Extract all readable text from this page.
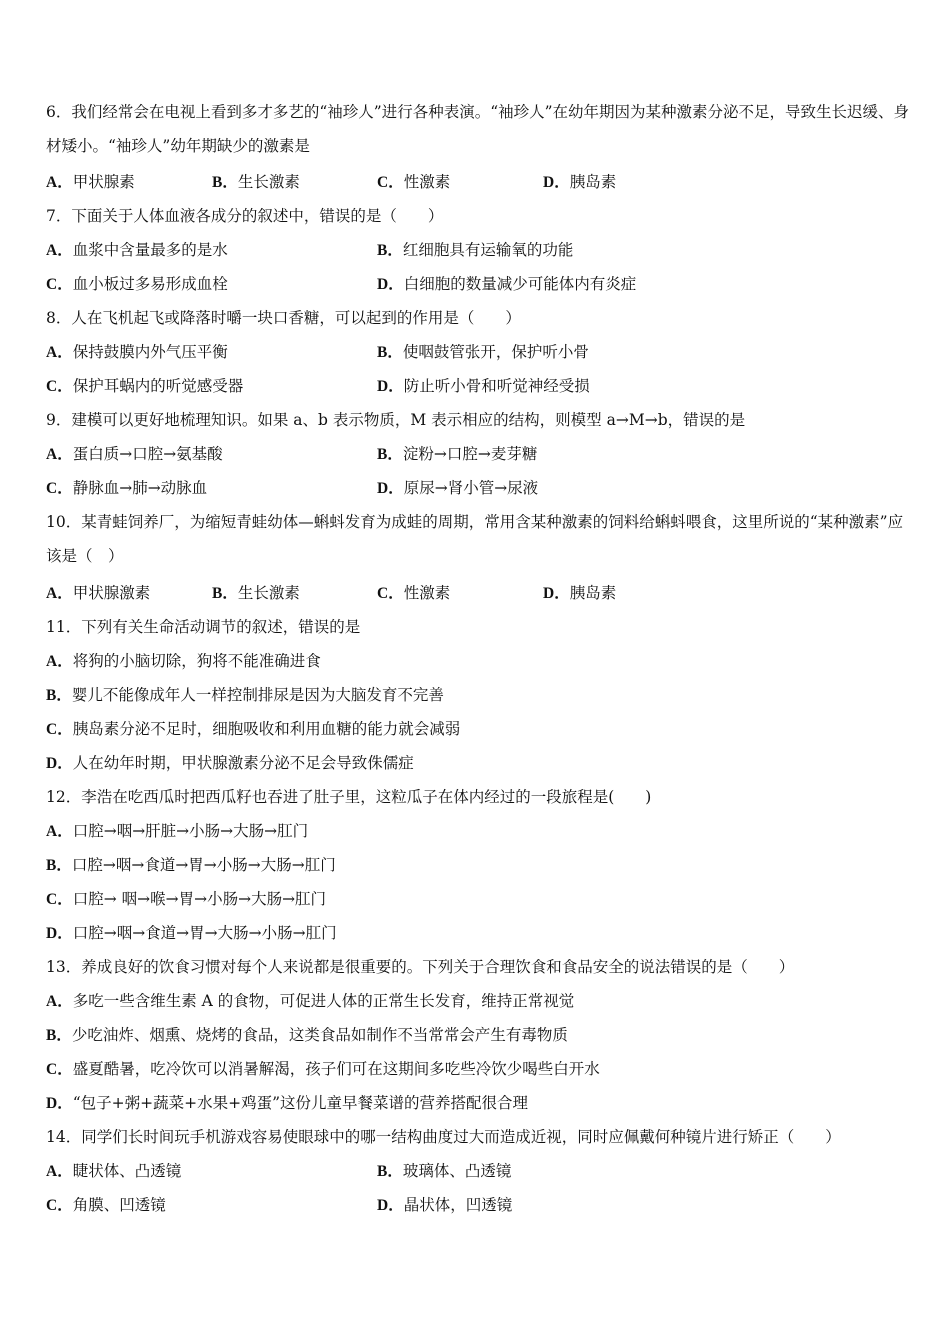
6．我们经常会在电视上看到多才多艺的“袖珍人”进行各种表演。“袖珍人”在幼年期因为某种激素分泌不足，导致生长迟缓、身材矮小。“袖珍人”幼年期缺少的激素是
A．甲状腺素	B．生长激素	C．性激素	D．胰岛素
7．下面关于人体血液各成分的叙述中，错误的是（　　）
A．血浆中含量最多的是水	B．红细胞具有运输氧的功能
C．血小板过多易形成血栓	D．白细胞的数量减少可能体内有炎症
8．人在飞机起飞或降落时嚼一块口香糖，可以起到的作用是（　　）
A．保持鼓膜内外气压平衡	B．使咽鼓管张开，保护听小骨
C．保护耳蜗内的听觉感受器	D．防止听小骨和听觉神经受损
9．建模可以更好地梳理知识。如果 a、b 表示物质，M 表示相应的结构，则模型 a→M→b，错误的是
A．蛋白质→口腔→氨基酸	B．淀粉→口腔→麦芽糖
C．静脉血→肺→动脉血	D．原尿→肾小管→尿液
10．某青蛙饲养厂，为缩短青蛙幼体—蝌蚪发育为成蛙的周期，常用含某种激素的饲料给蝌蚪喂食，这里所说的“某种激素”应该是（　）
A．甲状腺激素	B．生长激素	C．性激素	D．胰岛素
11．下列有关生命活动调节的叙述，错误的是
A．将狗的小脑切除，狗将不能准确进食
B．婴儿不能像成年人一样控制排尿是因为大脑发育不完善
C．胰岛素分泌不足时，细胞吸收和利用血糖的能力就会减弱
D．人在幼年时期，甲状腺激素分泌不足会导致侏儒症
12．李浩在吃西瓜时把西瓜籽也吞进了肚子里，这粒瓜子在体内经过的一段旅程是(　　)
A．口腔→咽→肝脏→小肠→大肠→肛门
B．口腔→咽→食道→胃→小肠→大肠→肛门
C．口腔→ 咽→喉→胃→小肠→大肠→肛门
D．口腔→咽→食道→胃→大肠→小肠→肛门
13．养成良好的饮食习惯对每个人来说都是很重要的。下列关于合理饮食和食品安全的说法错误的是（　　）
A．多吃一些含维生素 A 的食物，可促进人体的正常生长发育，维持正常视觉
B．少吃油炸、烟熏、烧烤的食品，这类食品如制作不当常常会产生有毒物质
C．盛夏酷暑，吃冷饮可以消暑解渴，孩子们可在这期间多吃些冷饮少喝些白开水
D．“包子+粥+蔬菜+水果+鸡蛋”这份儿童早餐菜谱的营养搭配很合理
14．同学们长时间玩手机游戏容易使眼球中的哪一结构曲度过大而造成近视，同时应佩戴何种镜片进行矫正（　　）
A．睫状体、凸透镜	B．玻璃体、凸透镜
C．角膜、凹透镜	D．晶状体，凹透镜
